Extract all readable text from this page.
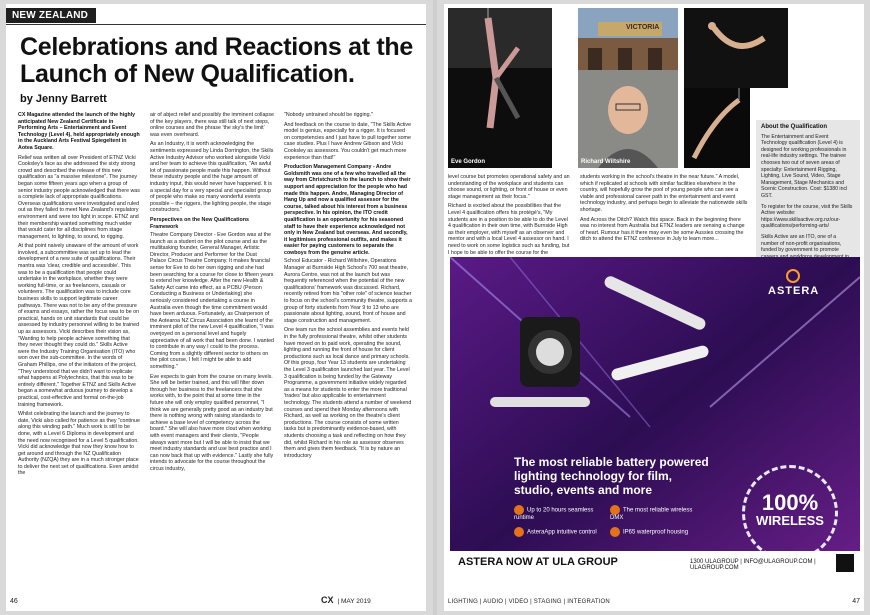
NEW ZEALAND
Celebrations and Reactions at the Launch of New Qualification.
by Jenny Barrett

CX Magazine attended the launch of the highly anticipated New Zealand Certificate in Performing Arts – Entertainment and Event Technology (Level 4), held appropriately enough in the Auckland Arts Festival Spiegeltent in Aotea Square.

Relief was written all over President of ETNZ Vicki Cooksley's face as she addressed the sixty strong crowd and described the release of this new qualification as "a massive milestone". The journey began some fifteen years ago when a group of senior industry people acknowledged that there was a complete lack of appropriate qualifications. Overseas qualifications were investigated and ruled out as they failed to meet New Zealand's regulatory environment and were too light in scope. ETNZ and their membership wanted something much wider that would cater for all disciplines from stage management, to lighting, to sound, to rigging.

At that point naively unaware of the amount of work involved, a subcommittee was set up to lead the development of a new suite of qualifications. Their mantra was 'clear, credible and accessible'. This was to be a qualification that people could undertake in the workplace, whether they were working full-time, or as freelancers, casuals or volunteers. The qualification was to include core business skills to support legitimate career pathways. There was not to be any of the pressure of exams and essays, rather the focus was to be on practical, hands on unit standards that could be assessed by industry personnel willing to be trained up as assessors. Vicki describes their vision as, "Wanting to help people achieve something that they never thought they could do." Skills Active were the Industry Training Organisation (ITO) who won over the sub-committee. In the words of Graham Phillips, one of the initiators of the project, "They understood that we didn't want to replicate what happens at Polytechnics, that this was to be entirely different." Together ETNZ and Skills Active began a somewhat arduous journey to develop a practical, cost-effective and formal on-the-job training framework.

Whilst celebrating the launch and the journey to date, Vicki also called for patience as they "continue along this winding path." Much work is still to be done, with a Level 6 Diploma in development and the need now recognised for a Level 5 qualification. Vicki did acknowledge that now they know how to get around and through the NZ Qualification Authority (NZQA) they are in a much stronger place to deliver the next set of qualifications. Even amidst the

air of abject relief and possibly the imminent collapse of the key players, there was still talk of next steps, online courses and the phrase 'the sky's the limit' was even overheard.

As an Industry, it is worth acknowledging the sentiments expressed by Linda Dorrington, the Skills Active Industry Advisor who worked alongside Vicki and her team to achieve this qualification, "An awful lot of passionate people made this happen. Without these industry people and the huge amount of industry input, this would never have happened. It is a special day for a very special and specialist group of people who make so many wonderful events possible – the riggers, the lighting people, the stage constructors."

Perspectives on the New Qualifications Framework

Theatre Company Director - Eve Gordon was at the launch as a student on the pilot course and as the multitasking founder, General Manager, Artistic Director, Producer and Performer for the Dust Palace Circus Theatre Company. It makes financial sense for Eve to do her own rigging and she had been searching for a course for close to fifteen years to extend her knowledge. After the new Health & Safety Act came into effect, as a PCBU (Person Conducting a Business or Undertaking) she seriously considered undertaking a course in Australia even though the time commitment would have been arduous. Fortunately, as Chairperson of the Aotearoa NZ Circus Association she learnt of the imminent pilot of the new Level 4 qualification, "I was overjoyed on a personal level and hugely appreciative of all work that had been done. I wanted to contribute in any way I could to the process. Coming from a slightly different sector to others on the pilot course, I felt I might be able to add something."

Eve expects to gain from the course on many levels. She will be better trained, and this will filter down through her business to the freelancers that she works with, to the point that at some time in the future she will only employ qualified personnel, "I think we are generally pretty good as an industry but there is nothing wrong with raising standards to achieve a base level of competency across the board." She will also have more clout when working with event managers and their clients, "People always want more but I will be able to insist that we meet industry standards and use best practice and I can now back that up with evidence." Lastly she fully intends to advocate for the course throughout the circus industry,

"Nobody untrained should be rigging."

And feedback on the course to date, "The Skills Active model is genius, especially for a rigger. It is focused on competencies and I just have to pull together some case studies. Plus I have Andrew Gibson and Vicki Cooksley as assessors. You couldn't get much more experience than that!"

Production Management Company - Andre Goldsmith was one of a few who travelled all the way from Christchurch to the launch to show their support and appreciation for the people who had made this happen. Andre, Managing Director of Hang Up and now a qualified assessor for the course, talked about his interest from a business perspective. In his opinion, the ITO credit qualification is an opportunity for his seasoned staff to have their experience acknowledged not only in New Zealand but overseas. And secondly, it legitimises professional outfits, and makes it easier for paying customers to separate the cowboys from the genuine article.

School Educator - Richard Wiltshire, Operations Manager at Burnside High School's 700 seat theatre, Aurora Centre, was not at the launch but was frequently referenced when the potential of the new qualifications' framework was discussed. Richard, recently retired from his "other role" of science teacher to focus on the school's community theatre, supports a group of forty students from Year 9 to 13 who are passionate about lighting, sound, front of house and stage construction and management.

One team run the school assemblies and events held in the fully professional theatre, whilst other students have moved on to paid work, operating the sound, lighting and running the front of house for client productions such as local dance and primary schools. Of this group, four Year 13 students are undertaking the Level 3 qualification launched last year. The Level 3 qualification is being funded by the Gateway Programme, a government initiative widely regarded as a means for students to enter the more traditional 'trades' but also applicable to entertainment technology. The students attend a number of weekend courses and spend their Monday afternoons with Richard, as well as working on the theatre's client productions. The course consists of some written tasks but is predominantly evidence-based, with students choosing a task and reflecting on how they did, whilst Richard in his role as assessor observes them and gives them feedback. "It is by nature an introductory

46	CX | MAY 2019
Eve Gordon
VICTORIA
Richard Wiltshire

level course but promotes operational safety and an understanding of the workplace and students can choose sound, or lighting, or front of house or even stage management as their focus."

Richard is excited about the possibilities that the Level 4 qualification offers his protégé's, "My students are in a position to be able to do the Level 4 qualification in their own time, with Burnside High as their employer, with myself as an observer and mentor and with a local Level 4 assessor on hand. I need to work on some logistics such as funding, but I hope to be able to offer the course for the

students working in the school's theatre in the near future." A model, which if replicated at schools with similar facilities elsewhere in the country, will hopefully grow the pool of young people who can see a viable and professional career path in the entertainment and event technology industry, and perhaps begin to alleviate the nationwide skills shortage.

And Across the Ditch? Watch this space. Back in the beginning there was no interest from Australia but ETNZ leaders are sensing a change of heart. Rumour has it there may even be some Aussies crossing the ditch to attend the ETNZ conference in July to learn more...

About the Qualification

The Entertainment and Event Technology qualification (Level 4) is designed for working professionals in real-life industry settings. The trainee chooses two out of seven areas of specialty: Entertainment Rigging, Lighting, Live Sound, Video, Stage Management, Stage Mechanics and Scenic Construction. Cost: $1380 incl GST.

To register for the course, visit the Skills Active website: https://www.skillsactive.org.nz/our-qualifications/performing-arts/

Skills Active are an ITO, one of a number of non-profit organisations, funded by government to promote

ASTERA
The most reliable battery powered lighting technology for film, studio, events and more
Up to 20 hours seamless runtime
The most reliable wireless DMX
AsteraApp intuitive control	IP65 waterproof housing
100%
WIRELESS
ASTERA NOW AT ULA GROUP	1300 ULAGROUP | INFO@ULAGROUP.COM | ULAGROUP.COM
LIGHTING | AUDIO | VIDEO | STAGING | INTEGRATION	47
